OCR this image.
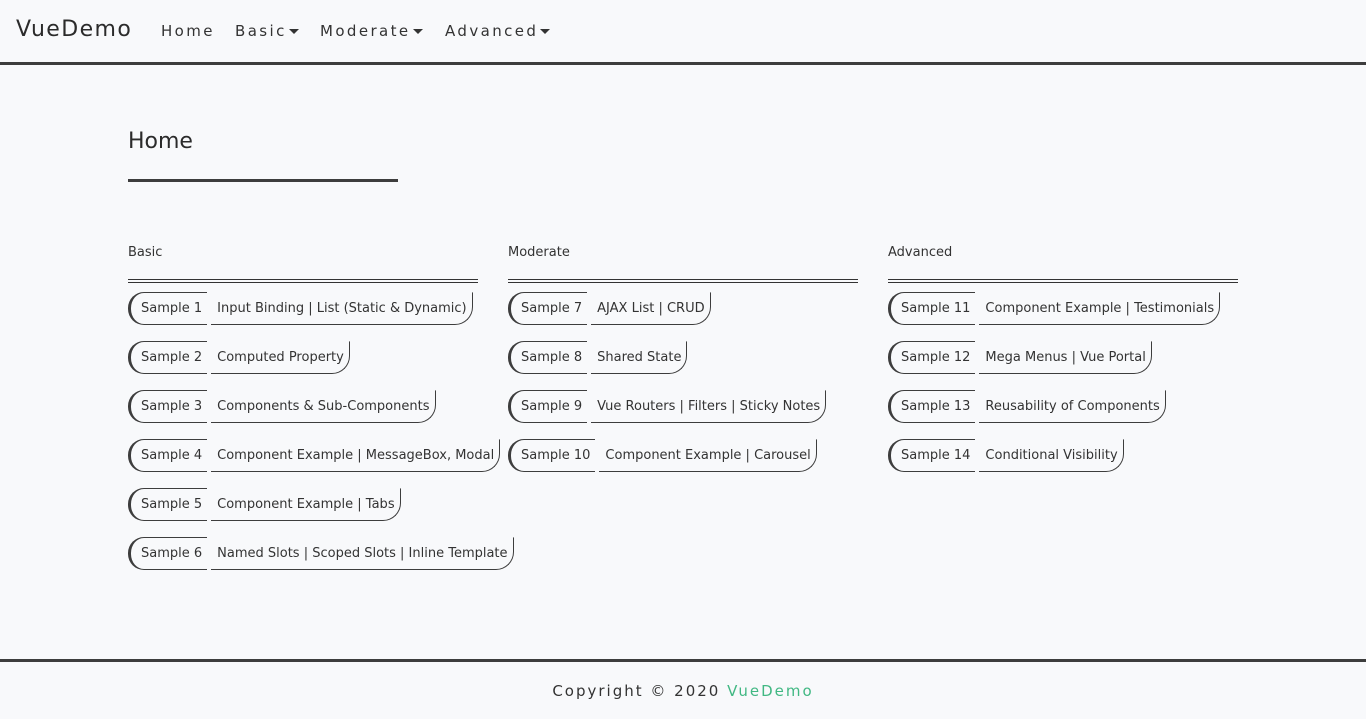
VueDemo Home Basic Moderate Advanced
Home
Basic
Sample 1	Input Binding | List (Static & Dynamic)
Sample 2	Computed Property
Sample 3	Components & Sub-Components
Sample 4	Component Example | MessageBox, Modal
Sample 5	Component Example | Tabs
Sample 6	Named Slots | Scoped Slots | Inline Template
Moderate
Sample 7	AJAX List | CRUD
Sample 8	Shared State
Sample 9	Vue Routers | Filters | Sticky Notes
Sample 10	Component Example | Carousel
Advanced
Sample 11	Component Example | Testimonials
Sample 12	Mega Menus | Vue Portal
Sample 13	Reusability of Components
Sample 14	Conditional Visibility
Copyright © 2020 VueDemo
